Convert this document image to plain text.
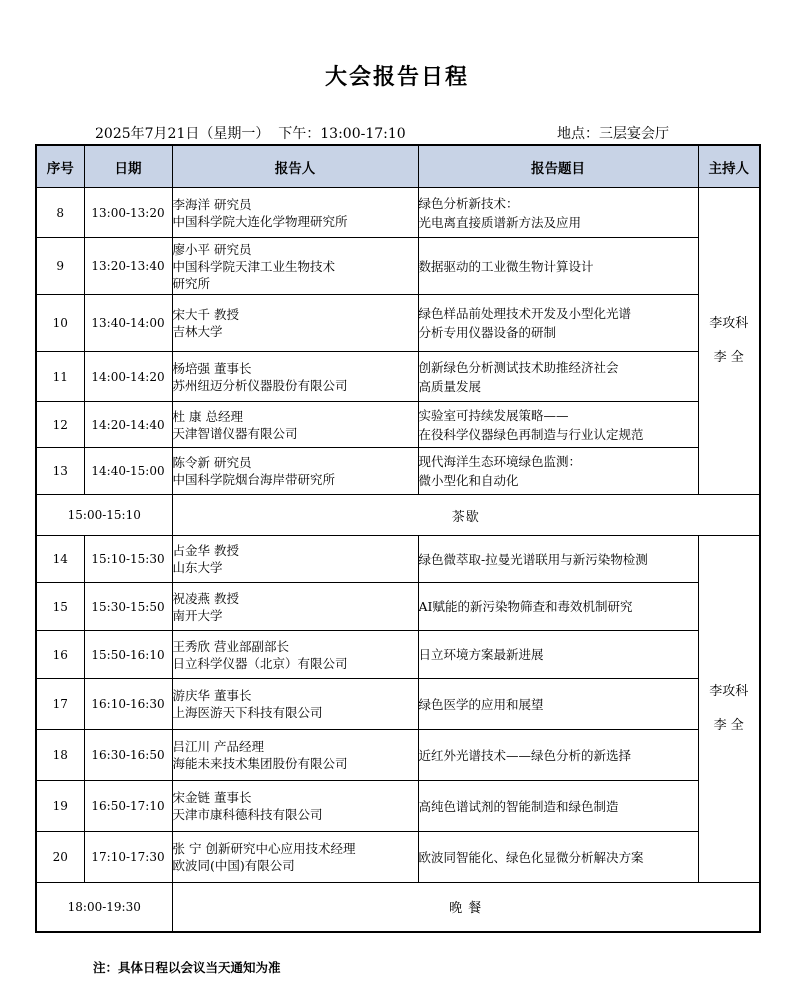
大会报告日程
2025年7月21日（星期一）  下午：13:00-17:10	地点：三层宴会厅
序号	日期	报告人	报告题目	主持人
8	13:00-13:20	李海洋 研究员
中国科学院大连化学物理研究所	绿色分析新技术：
光电离直接质谱新方法及应用	李攻科
李 全

9	13:20-13:40	廖小平 研究员
中国科学院天津工业生物技术
研究所	数据驱动的工业微生物计算设计	

10	13:40-14:00	宋大千 教授
吉林大学	绿色样品前处理技术开发及小型化光谱
分析专用仪器设备的研制	

11	14:00-14:20	杨培强 董事长
苏州纽迈分析仪器股份有限公司	创新绿色分析测试技术助推经济社会
高质量发展	

12	14:20-14:40	杜 康 总经理
天津智谱仪器有限公司	实验室可持续发展策略——
在役科学仪器绿色再制造与行业认定规范	

13	14:40-15:00	陈令新 研究员
中国科学院烟台海岸带研究所	现代海洋生态环境绿色监测：
微小型化和自动化	

15:00-15:10		茶歇		
14	15:10-15:30	占金华 教授
山东大学	绿色微萃取-拉曼光谱联用与新污染物检测	李攻科
李 全

15	15:30-15:50	祝凌燕 教授
南开大学	AI赋能的新污染物筛查和毒效机制研究	

16	15:50-16:10	王秀欣 营业部副部长
日立科学仪器（北京）有限公司	日立环境方案最新进展	

17	16:10-16:30	游庆华 董事长
上海医游天下科技有限公司	绿色医学的应用和展望	

18	16:30-16:50	吕江川 产品经理
海能未来技术集团股份有限公司	近红外光谱技术——绿色分析的新选择	

19	16:50-17:10	宋金链 董事长
天津市康科德科技有限公司	高纯色谱试剂的智能制造和绿色制造	

20	17:10-17:30	张 宁 创新研究中心应用技术经理
欧波同(中国)有限公司	欧波同智能化、绿色化显微分析解决方案	

18:00-19:30		晚 餐		
注：具体日程以会议当天通知为准
